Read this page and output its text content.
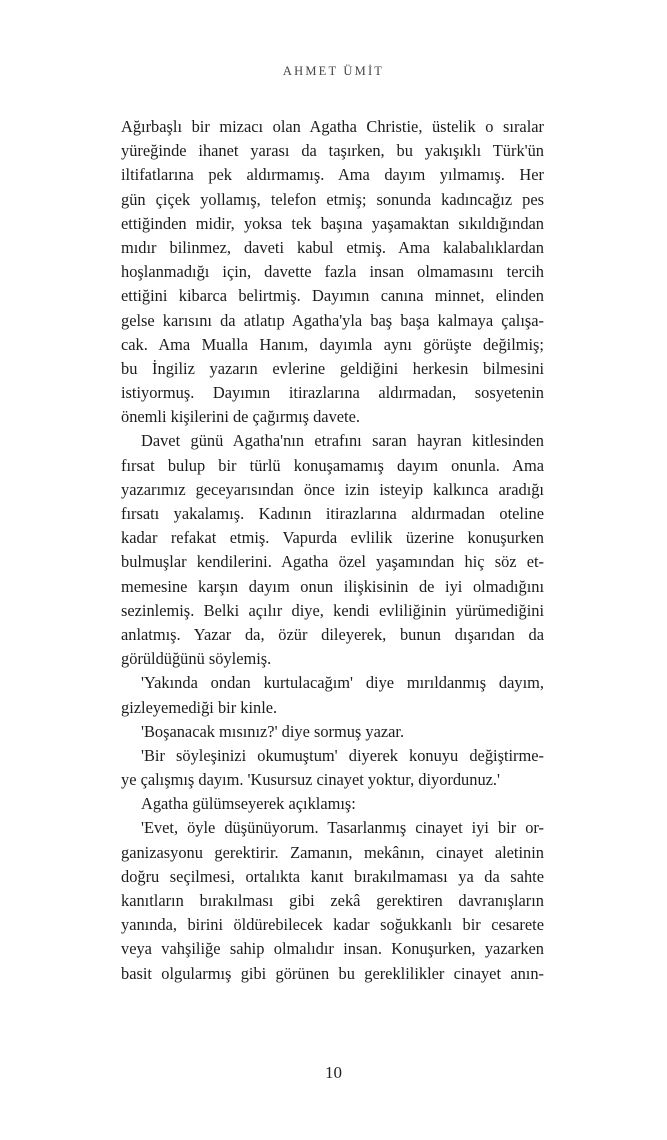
AHMET ÜMİT
Ağırbaşlı bir mizacı olan Agatha Christie, üstelik o sıralar
yüreğinde ihanet yarası da taşırken, bu yakışıklı Türk'ün
iltifatlarına pek aldırmamış. Ama dayım yılmamış. Her
gün çiçek yollamış, telefon etmiş; sonunda kadıncağız pes
ettiğinden midir, yoksa tek başına yaşamaktan sıkıldığından
mıdır bilinmez, daveti kabul etmiş. Ama kalabalıklardan
hoşlanmadığı için, davette fazla insan olmamasını tercih
ettiğini kibarca belirtmiş. Dayımın canına minnet, elinden
gelse karısını da atlatıp Agatha'yla baş başa kalmaya çalışa-
cak. Ama Mualla Hanım, dayımla aynı görüşte değilmiş;
bu İngiliz yazarın evlerine geldiğini herkesin bilmesini
istiyormuş. Dayımın itirazlarına aldırmadan, sosyetenin
önemli kişilerini de çağırmış davete.
Davet günü Agatha'nın etrafını saran hayran kitlesinden
fırsat bulup bir türlü konuşamamış dayım onunla. Ama
yazarımız geceyarısından önce izin isteyip kalkınca aradığı
fırsatı yakalamış. Kadının itirazlarına aldırmadan oteline
kadar refakat etmiş. Vapurda evlilik üzerine konuşurken
bulmuşlar kendilerini. Agatha özel yaşamından hiç söz et-
memesine karşın dayım onun ilişkisinin de iyi olmadığını
sezinlemiş. Belki açılır diye, kendi evliliğinin yürümediğini
anlatmış. Yazar da, özür dileyerek, bunun dışarıdan da
görüldüğünü söylemiş.
'Yakında ondan kurtulacağım' diye mırıldanmış dayım,
gizleyemediği bir kinle.
'Boşanacak mısınız?' diye sormuş yazar.
'Bir söyleşinizi okumuştum' diyerek konuyu değiştirme-
ye çalışmış dayım. 'Kusursuz cinayet yoktur, diyordunuz.'
Agatha gülümseyerek açıklamış:
'Evet, öyle düşünüyorum. Tasarlanmış cinayet iyi bir or-
ganizasyonu gerektirir. Zamanın, mekânın, cinayet aletinin
doğru seçilmesi, ortalıkta kanıt bırakılmaması ya da sahte
kanıtların bırakılması gibi zekâ gerektiren davranışların
yanında, birini öldürebilecek kadar soğukkanlı bir cesarete
veya vahşiliğe sahip olmalıdır insan. Konuşurken, yazarken
basit olgularmış gibi görünen bu gereklilikler cinayet anın-
10
